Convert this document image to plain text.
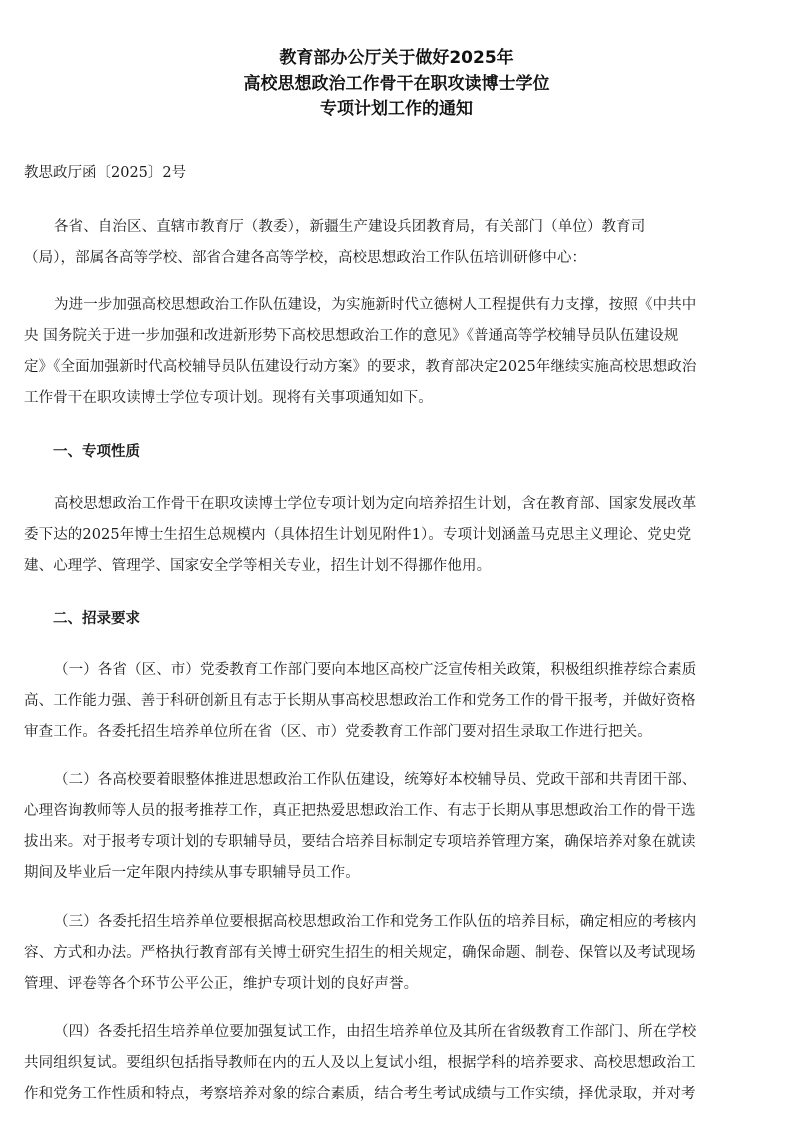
教育部办公厅关于做好2025年
高校思想政治工作骨干在职攻读博士学位
专项计划工作的通知
教思政厅函〔2025〕2号
各省、自治区、直辖市教育厅（教委），新疆生产建设兵团教育局，有关部门（单位）教育司
（局），部属各高等学校、部省合建各高等学校，高校思想政治工作队伍培训研修中心：
为进一步加强高校思想政治工作队伍建设，为实施新时代立德树人工程提供有力支撑，按照《中共中
央 国务院关于进一步加强和改进新形势下高校思想政治工作的意见》《普通高等学校辅导员队伍建设规
定》《全面加强新时代高校辅导员队伍建设行动方案》的要求，教育部决定2025年继续实施高校思想政治
工作骨干在职攻读博士学位专项计划。现将有关事项通知如下。
一、专项性质
高校思想政治工作骨干在职攻读博士学位专项计划为定向培养招生计划，含在教育部、国家发展改革
委下达的2025年博士生招生总规模内（具体招生计划见附件1）。专项计划涵盖马克思主义理论、党史党
建、心理学、管理学、国家安全学等相关专业，招生计划不得挪作他用。
二、招录要求
（一）各省（区、市）党委教育工作部门要向本地区高校广泛宣传相关政策，积极组织推荐综合素质
高、工作能力强、善于科研创新且有志于长期从事高校思想政治工作和党务工作的骨干报考，并做好资格
审查工作。各委托招生培养单位所在省（区、市）党委教育工作部门要对招生录取工作进行把关。
（二）各高校要着眼整体推进思想政治工作队伍建设，统筹好本校辅导员、党政干部和共青团干部、
心理咨询教师等人员的报考推荐工作，真正把热爱思想政治工作、有志于长期从事思想政治工作的骨干选
拔出来。对于报考专项计划的专职辅导员，要结合培养目标制定专项培养管理方案，确保培养对象在就读
期间及毕业后一定年限内持续从事专职辅导员工作。
（三）各委托招生培养单位要根据高校思想政治工作和党务工作队伍的培养目标，确定相应的考核内
容、方式和办法。严格执行教育部有关博士研究生招生的相关规定，确保命题、制卷、保管以及考试现场
管理、评卷等各个环节公平公正，维护专项计划的良好声誉。
（四）各委托招生培养单位要加强复试工作，由招生培养单位及其所在省级教育工作部门、所在学校
共同组织复试。要组织包括指导教师在内的五人及以上复试小组，根据学科的培养要求、高校思想政治工
作和党务工作性质和特点，考察培养对象的综合素质，结合考生考试成绩与工作实绩，择优录取，并对考
